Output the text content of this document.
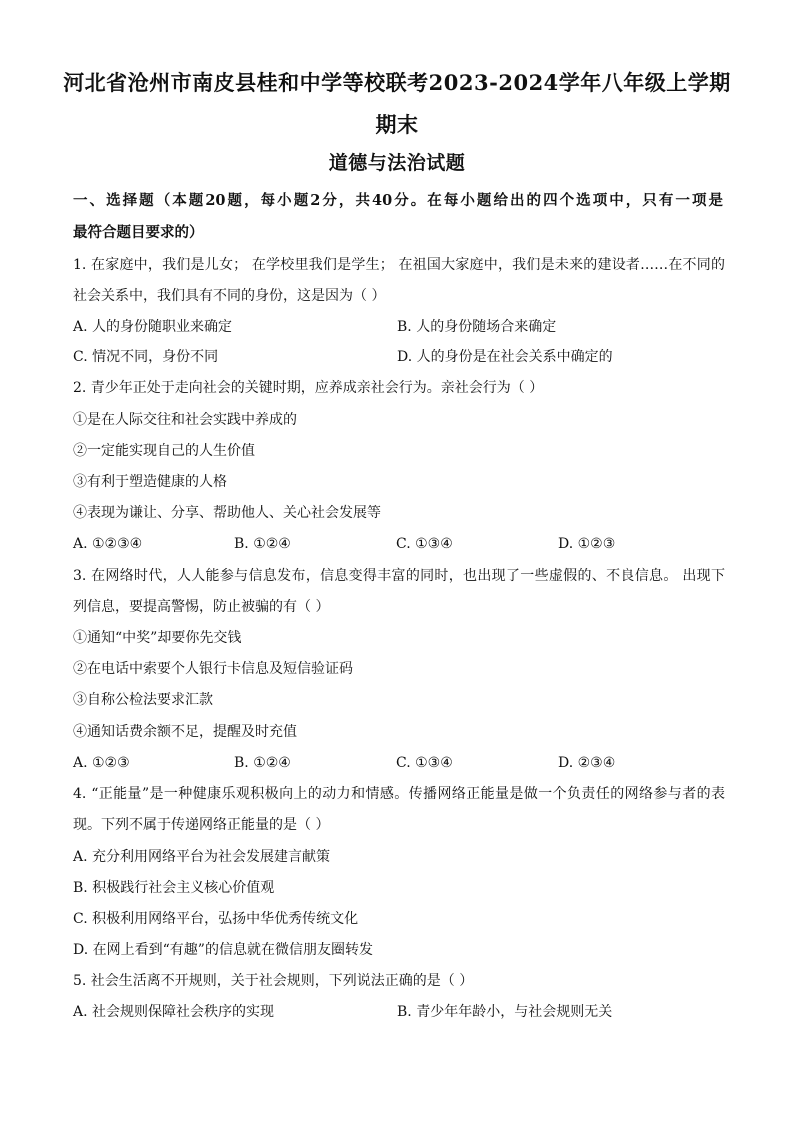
河北省沧州市南皮县桂和中学等校联考2023-2024学年八年级上学期
期末
道德与法治试题
一、选择题（本题20题，每小题2分，共40分。在每小题给出的四个选项中，只有一项是
最符合题目要求的）
1. 在家庭中，我们是儿女； 在学校里我们是学生； 在祖国大家庭中，我们是未来的建设者……在不同的
社会关系中，我们具有不同的身份，这是因为（ ）
A. 人的身份随职业来确定	B. 人的身份随场合来确定
C. 情况不同，身份不同	D. 人的身份是在社会关系中确定的
2. 青少年正处于走向社会的关键时期，应养成亲社会行为。亲社会行为（ ）
①是在人际交往和社会实践中养成的
②一定能实现自己的人生价值
③有利于塑造健康的人格
④表现为谦让、分享、帮助他人、关心社会发展等
A. ①②③④	B. ①②④	C. ①③④	D. ①②③
3. 在网络时代，人人能参与信息发布，信息变得丰富的同时，也出现了一些虚假的、不良信息。 出现下
列信息，要提高警惕，防止被骗的有（ ）
①通知“中奖”却要你先交钱
②在电话中索要个人银行卡信息及短信验证码
③自称公检法要求汇款
④通知话费余额不足，提醒及时充值
A. ①②③	B. ①②④	C. ①③④	D. ②③④
4. “正能量”是一种健康乐观积极向上的动力和情感。传播网络正能量是做一个负责任的网络参与者的表
现。下列不属于传递网络正能量的是（ ）
A. 充分利用网络平台为社会发展建言献策
B. 积极践行社会主义核心价值观
C. 积极利用网络平台，弘扬中华优秀传统文化
D. 在网上看到“有趣”的信息就在微信朋友圈转发
5. 社会生活离不开规则，关于社会规则，下列说法正确的是（ ）
A. 社会规则保障社会秩序的实现	B. 青少年年龄小，与社会规则无关
